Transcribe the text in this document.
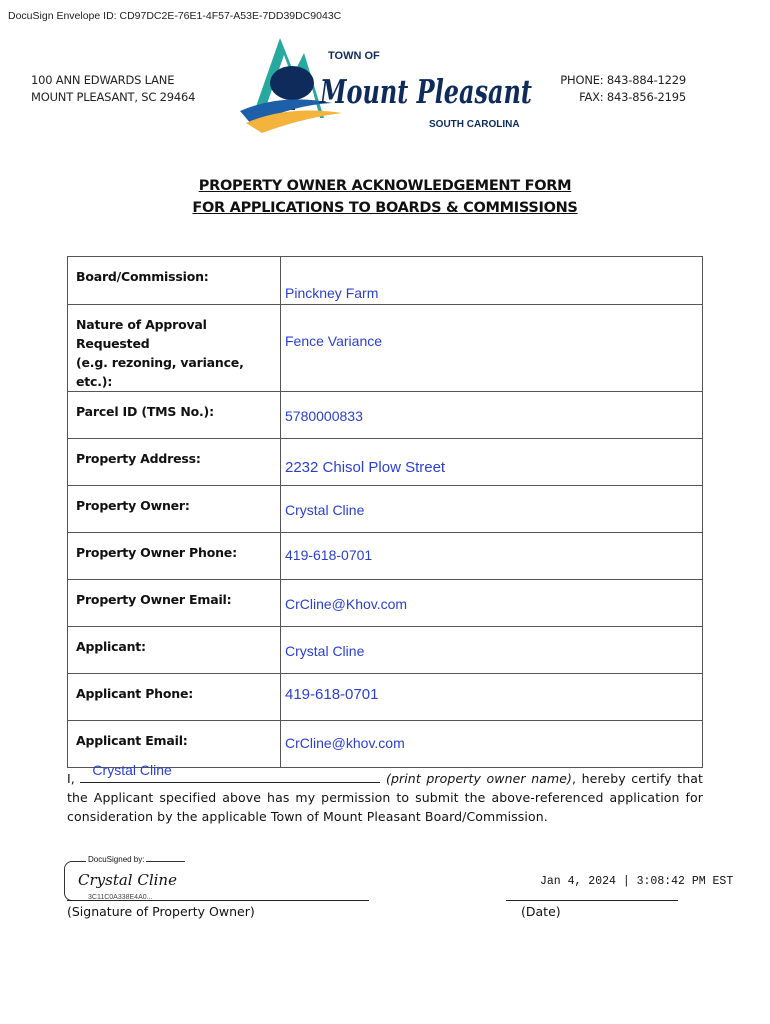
DocuSign Envelope ID: CD97DC2E-76E1-4F57-A53E-7DD39DC9043C
100 ANN EDWARDS LANE
MOUNT PLEASANT, SC 29464
PHONE: 843-884-1229
FAX: 843-856-2195
TOWN OF
Mount Pleasant
SOUTH CAROLINA
PROPERTY OWNER ACKNOWLEDGEMENT FORM
FOR APPLICATIONS TO BOARDS & COMMISSIONS
Board/Commission:	Pinckney Farm

Nature of Approval Requested
(e.g. rezoning, variance, etc.):	Fence Variance

Parcel ID (TMS No.):	5780000833

Property Address:	2232 Chisol Plow Street

Property Owner:	Crystal Cline

Property Owner Phone:	419-618-0701

Property Owner Email:	CrCline@Khov.com

Applicant:	Crystal Cline

Applicant Phone:	419-618-0701

Applicant Email:	CrCline@khov.com
I,
Crystal Cline
(print property owner name), hereby certify that the Applicant specified above has my permission to submit the above-referenced application for consideration by the applicable Town of Mount Pleasant Board/Commission.
DocuSigned by:
Crystal Cline
3C11C0A338E4A0...
(Signature of Property Owner)
Jan 4, 2024 | 3:08:42 PM EST
(Date)
